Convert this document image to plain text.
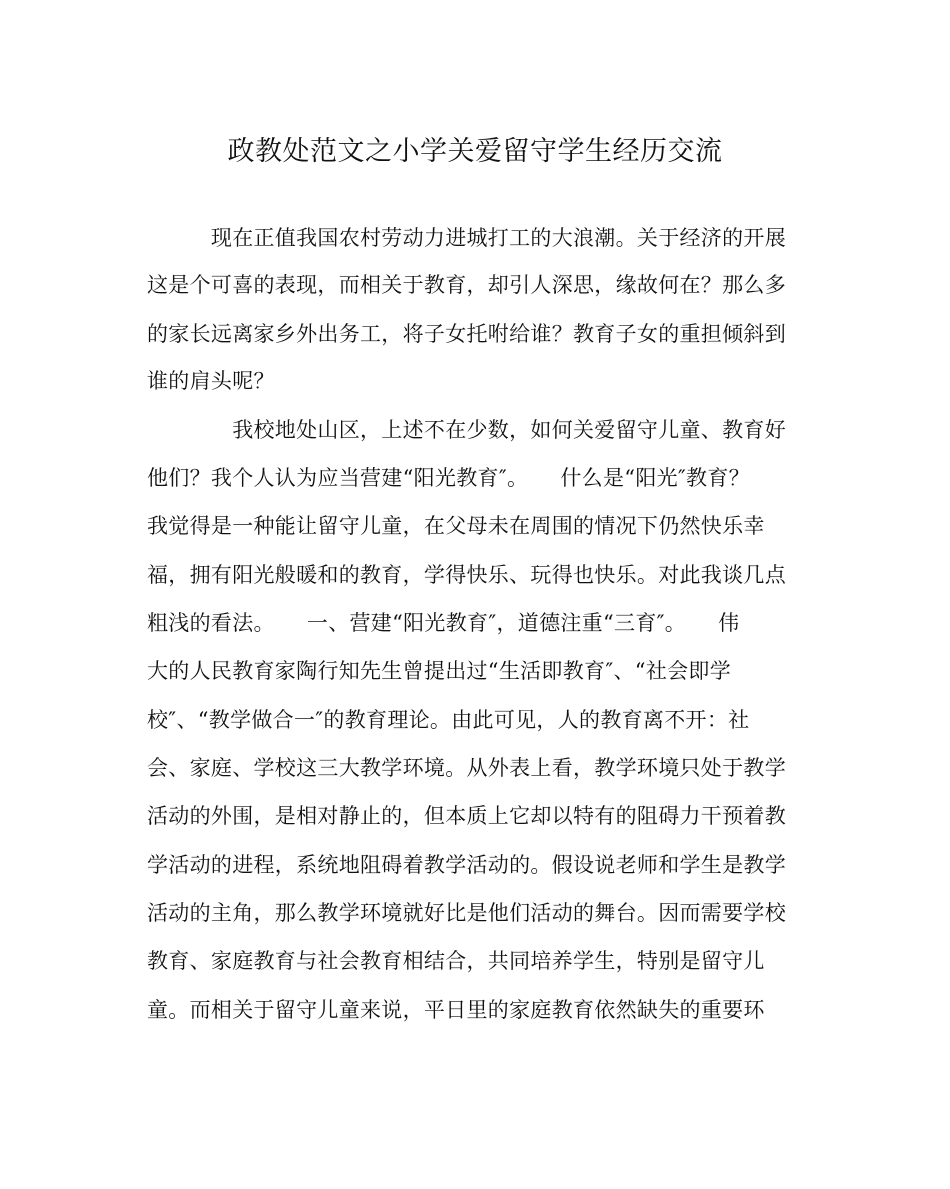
政教处范文之小学关爱留守学生经历交流
　　　现在正值我国农村劳动力进城打工的大浪潮。关于经济的开展
这是个可喜的表现，而相关于教育，却引人深思，缘故何在？那么多
的家长远离家乡外出务工，将子女托咐给谁？教育子女的重担倾斜到
谁的肩头呢？
　　　　我校地处山区，上述不在少数，如何关爱留守儿童、教育好
他们？我个人认为应当营建“阳光教育″。　　什么是“阳光″教育？
我觉得是一种能让留守儿童，在父母未在周围的情况下仍然快乐幸
福，拥有阳光般暖和的教育，学得快乐、玩得也快乐。对此我谈几点
粗浅的看法。　　一、营建“阳光教育″，道德注重“三育″。　　伟
大的人民教育家陶行知先生曾提出过“生活即教育″、“社会即学
校″、“教学做合一″的教育理论。由此可见，人的教育离不开：社
会、家庭、学校这三大教学环境。从外表上看，教学环境只处于教学
活动的外围，是相对静止的，但本质上它却以特有的阻碍力干预着教
学活动的进程，系统地阻碍着教学活动的。假设说老师和学生是教学
活动的主角，那么教学环境就好比是他们活动的舞台。因而需要学校
教育、家庭教育与社会教育相结合，共同培养学生，特别是留守儿
童。而相关于留守儿童来说，平日里的家庭教育依然缺失的重要环
